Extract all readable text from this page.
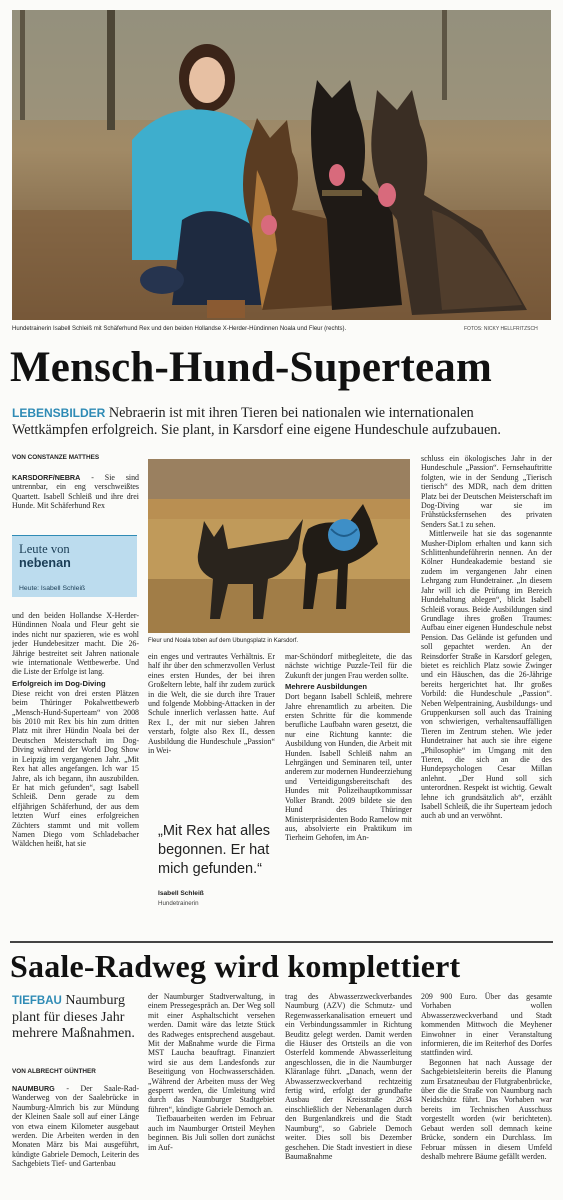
Hundetrainerin Isabell Schleiß mit Schäferhund Rex und den beiden Hollandse X-Herder-Hündinnen Noala und Fleur (rechts).	FOTOS: NICKY HELLFRITZSCH
Mensch-Hund-Superteam
LEBENSBILDER Nebraerin ist mit ihren Tieren bei nationalen wie internationalen Wettkämpfen erfolgreich. Sie plant, in Karsdorf eine eigene Hundeschule aufzubauen.
VON CONSTANZE MATTHES

KARSDORF/NEBRA - Sie sind untrennbar, ein eng verschweißtes Quartett. Isabell Schleiß und ihre drei Hunde. Mit Schäferhund Rex

Leute von
nebenan
Heute: Isabell Schleiß

und den beiden Hollandse X-Herder-Hündinnen Noala und Fleur geht sie indes nicht nur spazieren, wie es wohl jeder Hundebesitzer macht. Die 26-Jährige bestreitet seit Jahren nationale wie internationale Wettbewerbe. Und die Liste der Erfolge ist lang.

Erfolgreich im Dog-Diving

Diese reicht von drei ersten Plätzen beim Thüringer Pokalwettbewerb „Mensch-Hund-Superteam“ von 2008 bis 2010 mit Rex bis hin zum dritten Platz mit ihrer Hündin Noala bei der Deutschen Meisterschaft im Dog-Diving während der World Dog Show in Leipzig im vergangenen Jahr. „Mit Rex hat alles angefangen. Ich war 15 Jahre, als ich begann, ihn auszubilden. Er hat mich gefunden“, sagt Isabell Schleiß. Denn gerade zu dem elfjährigen Schäferhund, der aus dem letzten Wurf eines erfolgreichen Züchters stammt und mit vollem Namen Diego vom Schladebacher Wäldchen heißt, hat sie

Fleur und Noala toben auf dem Übungsplatz in Karsdorf.

ein enges und vertrautes Verhältnis. Er half ihr über den schmerzvollen Verlust eines ersten Hundes, der bei ihren Großeltern lebte, half ihr zudem zurück in die Welt, die sie durch ihre Trauer und folgende Mobbing-Attacken in der Schule innerlich verlassen hatte. Auf Rex I., der mit nur sieben Jahren verstarb, folgte also Rex II., dessen Ausbildung die Hundeschule „Passion“ in Wei-

mar-Schöndorf mitbegleitete, die das nächste wichtige Puzzle-Teil für die Zukunft der jungen Frau werden sollte.

Mehrere Ausbildungen

Dort begann Isabell Schleiß, mehrere Jahre ehrenamtlich zu arbeiten. Die ersten Schritte für die kommende berufliche Laufbahn waren gesetzt, die nur eine Richtung kannte: die Ausbildung von Hunden, die Arbeit mit Hunden. Isabell Schleiß nahm an Lehrgängen und Seminaren teil, unter anderem zur modernen Hundeerziehung und Verteidigungsbereitschaft des Hundes mit Polizeihauptkommissar Volker Brandt. 2009 bildete sie den Hund des Thüringer Ministerpräsidenten Bodo Ramelow mit aus, absolvierte ein Praktikum im Tierheim Gehofen, im An-

„Mit Rex hat alles begonnen. Er hat mich gefunden.“
Isabell Schleiß
Hundetrainerin

schluss ein ökologisches Jahr in der Hundeschule „Passion“. Fernsehauftritte folgten, wie in der Sendung „Tierisch tierisch“ des MDR, nach dem dritten Platz bei der Deutschen Meisterschaft im Dog-Diving war sie im Frühstücksfernsehen des privaten Senders Sat.1 zu sehen.

Mittlerweile hat sie das sogenannte Musher-Diplom erhalten und kann sich Schlittenhundeführerin nennen. An der Kölner Hundeakademie bestand sie zudem im vergangenen Jahr einen Lehrgang zum Hundetrainer. „In diesem Jahr will ich die Prüfung im Bereich Hundehaltung ablegen“, blickt Isabell Schleiß voraus. Beide Ausbildungen sind Grundlage ihres großen Traumes: Aufbau einer eigenen Hundeschule nebst Pension. Das Gelände ist gefunden und soll gepachtet werden. An der Reinsdorfer Straße in Karsdorf gelegen, bietet es reichlich Platz sowie Zwinger und ein Häuschen, das die 26-Jährige bereits hergerichtet hat. Ihr großes Vorbild: die Hundeschule „Passion“. Neben Welpentraining, Ausbildungs- und Gruppenkursen soll auch das Training von schwierigen, verhaltensauffälligen Tieren im Zentrum stehen. Wie jeder Hundetrainer hat auch sie ihre eigene „Philosophie“ im Umgang mit den Tieren, die sich an die des Hundepsychologen Cesar Millan anlehnt. „Der Hund soll sich unterordnen. Respekt ist wichtig. Gewalt lehne ich grundsätzlich ab“, erzählt Isabell Schleiß, die ihr Superteam jedoch auch ab und an verwöhnt.

Saale-Radweg wird komplettiert
TIEFBAU Naumburg plant für dieses Jahr mehrere Maßnahmen.
VON ALBRECHT GÜNTHER

NAUMBURG - Der Saale-Rad-Wanderweg von der Saalebrücke in Naumburg-Almrich bis zur Mündung der Kleinen Saale soll auf einer Länge von etwa einem Kilometer ausgebaut werden. Die Arbeiten werden in den Monaten März bis Mai ausgeführt, kündigte Gabriele Democh, Leiterin des Sachgebiets Tief- und Gartenbau

der Naumburger Stadtverwaltung, in einem Pressegespräch an. Der Weg soll mit einer Asphaltschicht versehen werden. Damit wäre das letzte Stück des Radweges entsprechend ausgebaut. Mit der Maßnahme wurde die Firma MST Laucha beauftragt. Finanziert wird sie aus dem Landesfonds zur Beseitigung von Hochwasserschäden. „Während der Arbeiten muss der Weg gesperrt werden, die Umleitung wird durch das Naumburger Stadtgebiet führen“, kündigte Gabriele Democh an.

Tiefbauarbeiten werden im Februar auch im Naumburger Ortsteil Meyhen beginnen. Bis Juli sollen dort zunächst im Auf-

trag des Abwasserzweckverbandes Naumburg (AZV) die Schmutz- und Regenwasserkanalisation erneuert und ein Verbindungssammler in Richtung Beuditz gelegt werden. Damit werden die Häuser des Ortsteils an die von Osterfeld kommende Abwasserleitung angeschlossen, die in die Naumburger Kläranlage führt. „Danach, wenn der Abwasserzweckverband rechtzeitig fertig wird, erfolgt der grundhafte Ausbau der Kreisstraße 2634 einschließlich der Nebenanlagen durch den Burgenlandkreis und die Stadt Naumburg“, so Gabriele Democh weiter. Dies soll bis Dezember geschehen. Die Stadt investiert in diese Baumaßnahme

209 900 Euro. Über das gesamte Vorhaben wollen Abwasserzweckverband und Stadt kommenden Mittwoch die Meyhener Einwohner in einer Veranstaltung informieren, die im Reiterhof des Dorfes stattfinden wird.

Begonnen hat nach Aussage der Sachgebietsleiterin bereits die Planung zum Ersatzneubau der Flutgrabenbrücke, über die die Straße von Naumburg nach Neidschütz führt. Das Vorhaben war bereits im Technischen Ausschuss vorgestellt worden (wir berichteten). Gebaut werden soll demnach keine Brücke, sondern ein Durchlass. Im Februar müssen in diesem Umfeld deshalb mehrere Bäume gefällt werden.
